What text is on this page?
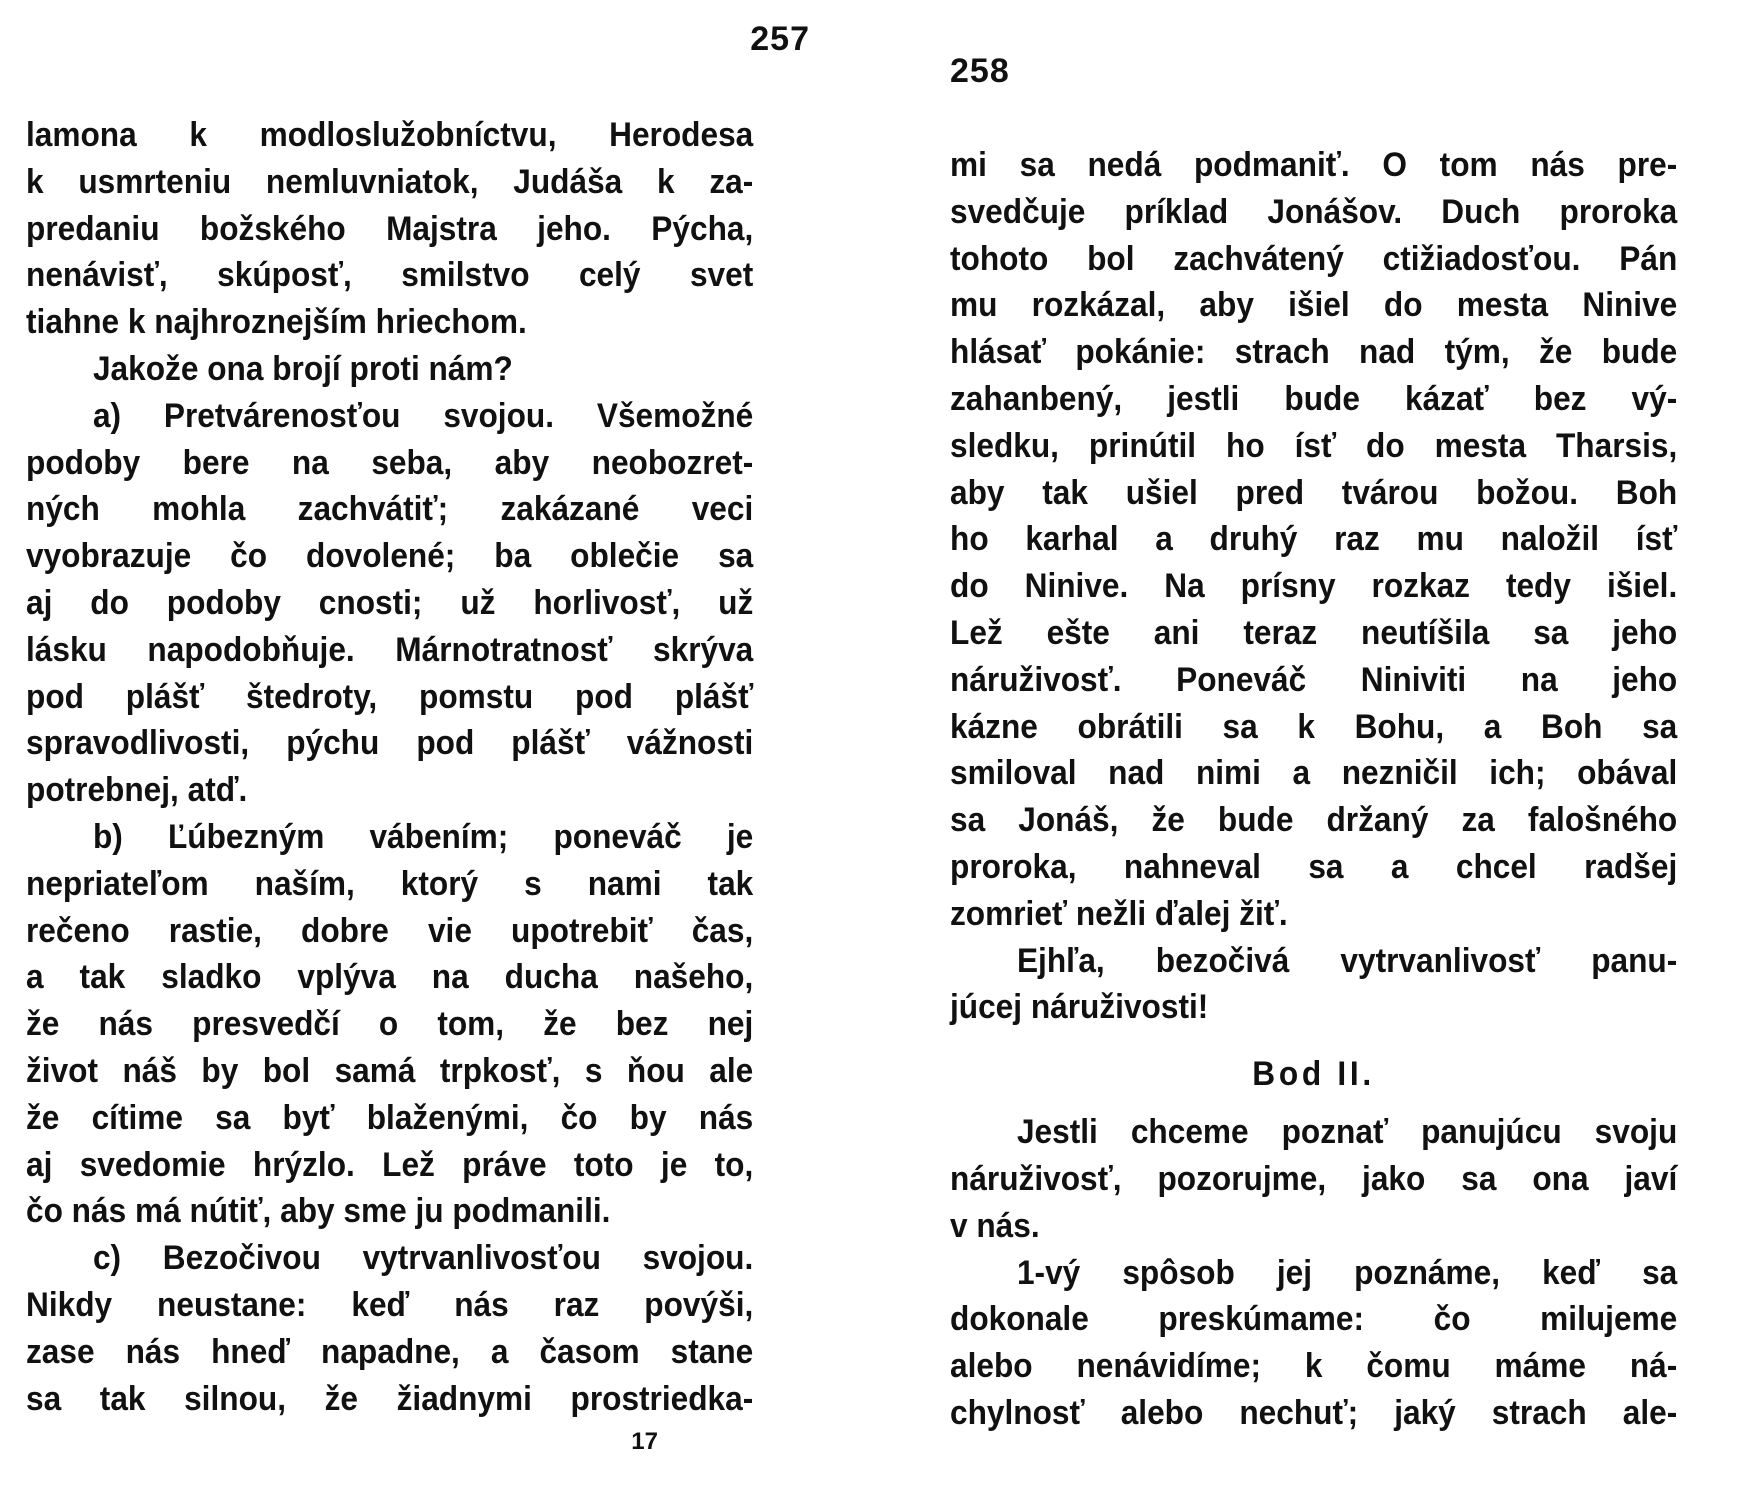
257
lamona k modloslužobníctvu, Herodesa
k usmrteniu nemluvniatok, Judáša k za-
predaniu božského Majstra jeho. Pýcha,
nenávisť, skúposť, smilstvo celý svet
tiahne k najhroznejším hriechom.
Jakože ona brojí proti nám?
a) Pretvárenosťou svojou. Všemožné
podoby bere na seba, aby neobozret-
ných mohla zachvátiť; zakázané veci
vyobrazuje čo dovolené; ba oblečie sa
aj do podoby cnosti; už horlivosť, už
lásku napodobňuje. Márnotratnosť skrýva
pod plášť štedroty, pomstu pod plášť
spravodlivosti, pýchu pod plášť vážnosti
potrebnej, atď.
b) Ľúbezným vábením; poneváč je
nepriateľom naším, ktorý s nami tak
rečeno rastie, dobre vie upotrebiť čas,
a tak sladko vplýva na ducha našeho,
že nás presvedčí o tom, že bez nej
život náš by bol samá trpkosť, s ňou ale
že cítime sa byť blaženými, čo by nás
aj svedomie hrýzlo. Lež práve toto je to,
čo nás má nútiť, aby sme ju podmanili.
c) Bezočivou vytrvanlivosťou svojou.
Nikdy neustane: keď nás raz povýši,
zase nás hneď napadne, a časom stane
sa tak silnou, že žiadnymi prostriedka-
17
258
mi sa nedá podmaniť. O tom nás pre-
svedčuje príklad Jonášov. Duch proroka
tohoto bol zachvátený ctižiadosťou. Pán
mu rozkázal, aby išiel do mesta Ninive
hlásať pokánie: strach nad tým, že bude
zahanbený, jestli bude kázať bez vý-
sledku, prinútil ho ísť do mesta Tharsis,
aby tak ušiel pred tvárou božou. Boh
ho karhal a druhý raz mu naložil ísť
do Ninive. Na prísny rozkaz tedy išiel.
Lež ešte ani teraz neutíšila sa jeho
náruživosť. Poneváč Niniviti na jeho
kázne obrátili sa k Bohu, a Boh sa
smiloval nad nimi a nezničil ich; obával
sa Jonáš, že bude držaný za falošného
proroka, nahneval sa a chcel radšej
zomrieť nežli ďalej žiť.
Ejhľa, bezočivá vytrvanlivosť panu-
júcej náruživosti!
Bod II.
Jestli chceme poznať panujúcu svoju
náruživosť, pozorujme, jako sa ona javí
v nás.
1-vý spôsob jej poznáme, keď sa
dokonale preskúmame: čo milujeme
alebo nenávidíme; k čomu máme ná-
chylnosť alebo nechuť; jaký strach ale-
